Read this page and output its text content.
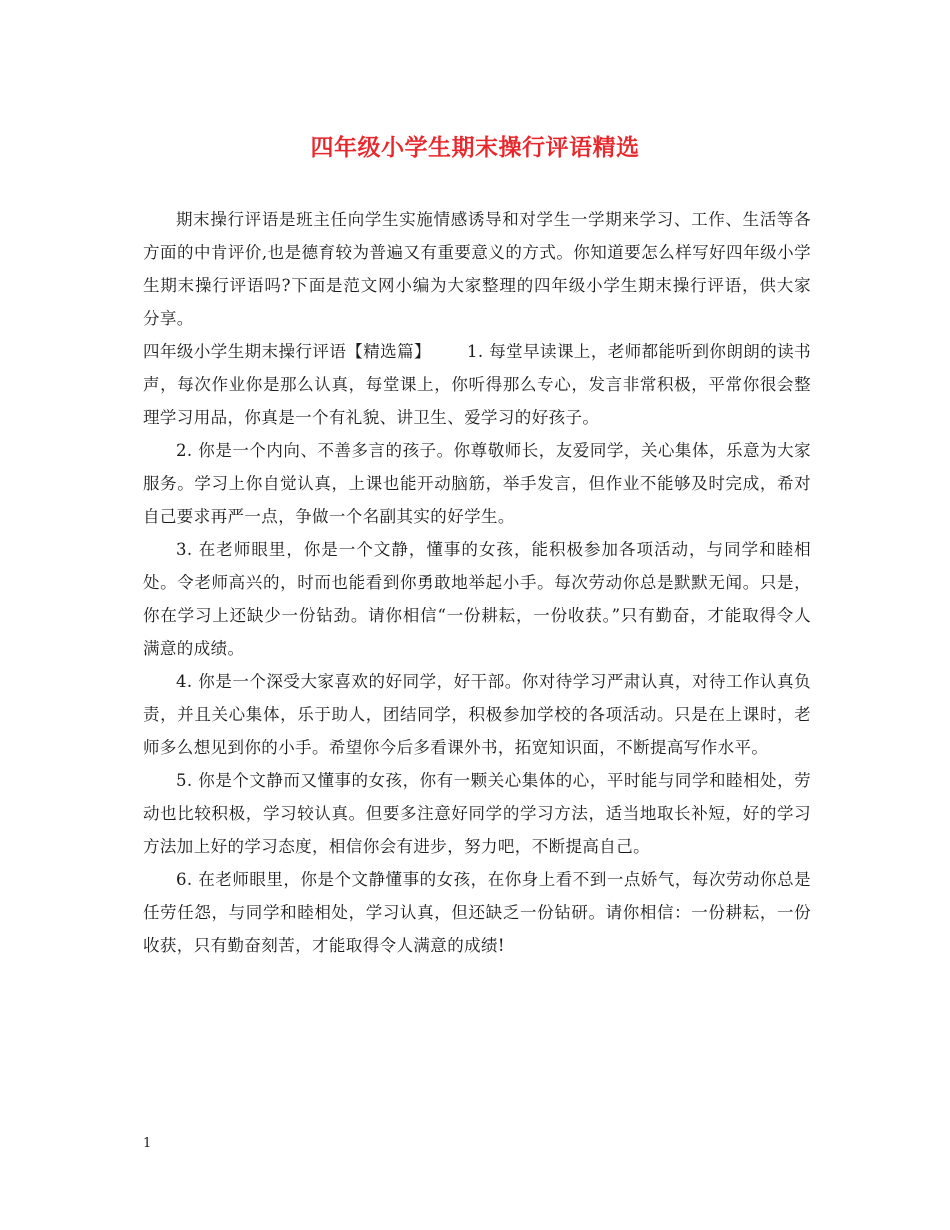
四年级小学生期末操行评语精选

期末操行评语是班主任向学生实施情感诱导和对学生一学期来学习、工作、生活等各方面的中肯评价,也是德育较为普遍又有重要意义的方式。你知道要怎么样写好四年级小学生期末操行评语吗?下面是范文网小编为大家整理的四年级小学生期末操行评语，供大家分享。

四年级小学生期末操行评语【精选篇】 1. 每堂早读课上，老师都能听到你朗朗的读书声，每次作业你是那么认真，每堂课上，你听得那么专心，发言非常积极，平常你很会整理学习用品，你真是一个有礼貌、讲卫生、爱学习的好孩子。

2. 你是一个内向、不善多言的孩子。你尊敬师长，友爱同学，关心集体，乐意为大家服务。学习上你自觉认真，上课也能开动脑筋，举手发言，但作业不能够及时完成，希对自己要求再严一点，争做一个名副其实的好学生。

3. 在老师眼里，你是一个文静，懂事的女孩，能积极参加各项活动，与同学和睦相处。令老师高兴的，时而也能看到你勇敢地举起小手。每次劳动你总是默默无闻。只是，你在学习上还缺少一份钻劲。请你相信“一份耕耘，一份收获。”只有勤奋，才能取得令人满意的成绩。

4. 你是一个深受大家喜欢的好同学，好干部。你对待学习严肃认真，对待工作认真负责，并且关心集体，乐于助人，团结同学，积极参加学校的各项活动。只是在上课时，老师多么想见到你的小手。希望你今后多看课外书，拓宽知识面，不断提高写作水平。

5. 你是个文静而又懂事的女孩，你有一颗关心集体的心，平时能与同学和睦相处，劳动也比较积极，学习较认真。但要多注意好同学的学习方法，适当地取长补短，好的学习方法加上好的学习态度，相信你会有进步，努力吧，不断提高自己。

6. 在老师眼里，你是个文静懂事的女孩，在你身上看不到一点娇气，每次劳动你总是任劳任怨，与同学和睦相处，学习认真，但还缺乏一份钻研。请你相信：一份耕耘，一份收获，只有勤奋刻苦，才能取得令人满意的成绩!

1
